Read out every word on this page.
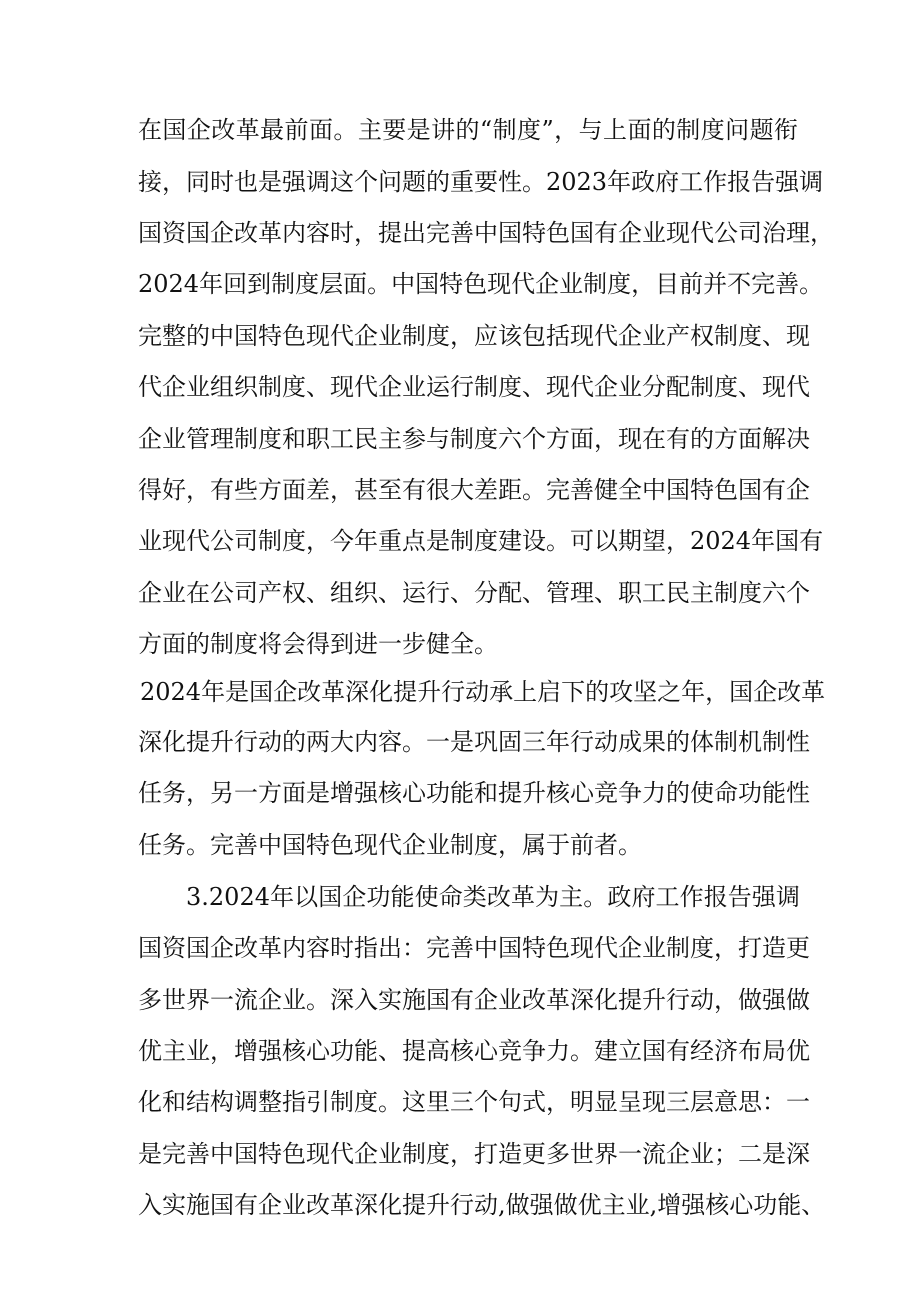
在国企改革最前面。主要是讲的“制度”，与上面的制度问题衔
接，同时也是强调这个问题的重要性。2023年政府工作报告强调
国资国企改革内容时，提出完善中国特色国有企业现代公司治理，
2024年回到制度层面。中国特色现代企业制度，目前并不完善。
完整的中国特色现代企业制度，应该包括现代企业产权制度、现
代企业组织制度、现代企业运行制度、现代企业分配制度、现代
企业管理制度和职工民主参与制度六个方面，现在有的方面解决
得好，有些方面差，甚至有很大差距。完善健全中国特色国有企
业现代公司制度，今年重点是制度建设。可以期望，2024年国有
企业在公司产权、组织、运行、分配、管理、职工民主制度六个
方面的制度将会得到进一步健全。
2024年是国企改革深化提升行动承上启下的攻坚之年，国企改革
深化提升行动的两大内容。一是巩固三年行动成果的体制机制性
任务，另一方面是增强核心功能和提升核心竞争力的使命功能性
任务。完善中国特色现代企业制度，属于前者。
3.2024年以国企功能使命类改革为主。政府工作报告强调
国资国企改革内容时指出：完善中国特色现代企业制度，打造更
多世界一流企业。深入实施国有企业改革深化提升行动，做强做
优主业，增强核心功能、提高核心竞争力。建立国有经济布局优
化和结构调整指引制度。这里三个句式，明显呈现三层意思：一
是完善中国特色现代企业制度，打造更多世界一流企业；二是深
入实施国有企业改革深化提升行动,做强做优主业,增强核心功能、
